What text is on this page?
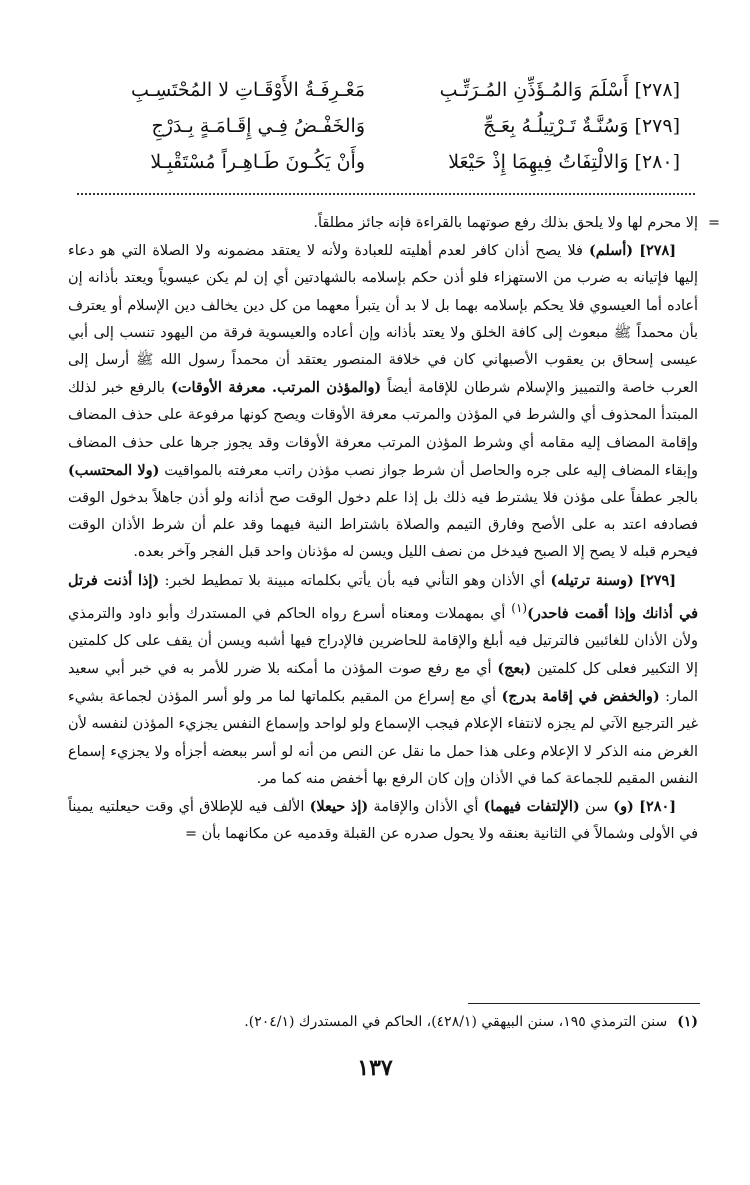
[٢٧٨] أَسْلَمَ وَالمُـؤَذِّنِ المُـرَتِّـبِ
مَعْـرِفَـةُ الأَوْقَـاتِ لا المُحْتَسِـبِ
[٢٧٩] وَسُنَّـةٌ تَـرْتِيلُـهُ بِعَـجِّ
وَالخَفْـضُ فِـي إِقَـامَـةٍ بِـدَرْجِ
[٢٨٠] وَالالْتِفَاتُ فِيهِمَا إِذْ حَيْعَلا
وأَنْ يَكُـونَ طَـاهِـراً مُسْتَقْبِـلا

=
إلا محرم لها ولا يلحق بذلك رفع صوتهما بالقراءة فإنه جائز مطلقاً.

[٢٧٨] (أسلم) فلا يصح أذان كافر لعدم أهليته للعبادة ولأنه لا يعتقد مضمونه ولا الصلاة التي هو دعاء إليها فإتيانه به ضرب من الاستهزاء فلو أذن حكم بإسلامه بالشهادتين أي إن لم يكن عيسوياً ويعتد بأذانه إن أعاده أما العيسوي فلا يحكم بإسلامه بهما بل لا بد أن يتبرأ معهما من كل دين يخالف دين الإسلام أو يعترف بأن محمداً ﷺ مبعوث إلى كافة الخلق ولا يعتد بأذانه وإن أعاده والعيسوية فرقة من اليهود تنسب إلى أبي عيسى إسحاق بن يعقوب الأصبهاني كان في خلافة المنصور يعتقد أن محمداً رسول الله ﷺ أرسل إلى العرب خاصة والتمييز والإسلام شرطان للإقامة أيضاً (والمؤذن المرتب. معرفة الأوقات) بالرفع خبر لذلك المبتدأ المحذوف أي والشرط في المؤذن والمرتب معرفة الأوقات ويصح كونها مرفوعة على حذف المضاف وإقامة المضاف إليه مقامه أي وشرط المؤذن المرتب معرفة الأوقات وقد يجوز جرها على حذف المضاف وإبقاء المضاف إليه على جره والحاصل أن شرط جواز نصب مؤذن راتب معرفته بالمواقيت (ولا المحتسب) بالجر عطفاً على مؤذن فلا يشترط فيه ذلك بل إذا علم دخول الوقت صح أذانه ولو أذن جاهلاً بدخول الوقت فصادفه اعتد به على الأصح وفارق التيمم والصلاة باشتراط النية فيهما وقد علم أن شرط الأذان الوقت فيحرم قبله لا يصح إلا الصبح فيدخل من نصف الليل ويسن له مؤذنان واحد قبل الفجر وآخر بعده.

[٢٧٩] (وسنة ترتيله) أي الأذان وهو التأني فيه بأن يأتي بكلماته مبينة بلا تمطيط لخبر: (إذا أذنت فرتل في أذانك وإذا أقمت فاحدر)$^{(١)}$ أي بمهملات ومعناه أسرع رواه الحاكم في المستدرك وأبو داود والترمذي ولأن الأذان للغائبين فالترتيل فيه أبلغ والإقامة للحاضرين فالإدراج فيها أشبه ويسن أن يقف على كل كلمتين إلا التكبير فعلى كل كلمتين (بعج) أي مع رفع صوت المؤذن ما أمكنه بلا ضرر للأمر به في خبر أبي سعيد المار: (والخفض في إقامة بدرج) أي مع إسراع من المقيم بكلماتها لما مر ولو أسر المؤذن لجماعة بشيء غير الترجيع الآتي لم يجزه لانتفاء الإعلام فيجب الإسماع ولو لواحد وإسماع النفس يجزيء المؤذن لنفسه لأن الغرض منه الذكر لا الإعلام وعلى هذا حمل ما نقل عن النص من أنه لو أسر ببعضه أجزأه ولا يجزيء إسماع النفس المقيم للجماعة كما في الأذان وإن كان الرفع بها أخفض منه كما مر.

[٢٨٠] (و) سن (الإلتفات فيهما) أي الأذان والإقامة (إذ حيعلا) الألف فيه للإطلاق أي وقت حيعلتيه يميناً في الأولى وشمالاً في الثانية بعنقه ولا يحول صدره عن القبلة وقدميه عن مكانهما بأن =

(١)سنن الترمذي ١٩٥، سنن البيهقي (٤٢٨/١)، الحاكم في المستدرك (٢٠٤/١).
١٣٧
